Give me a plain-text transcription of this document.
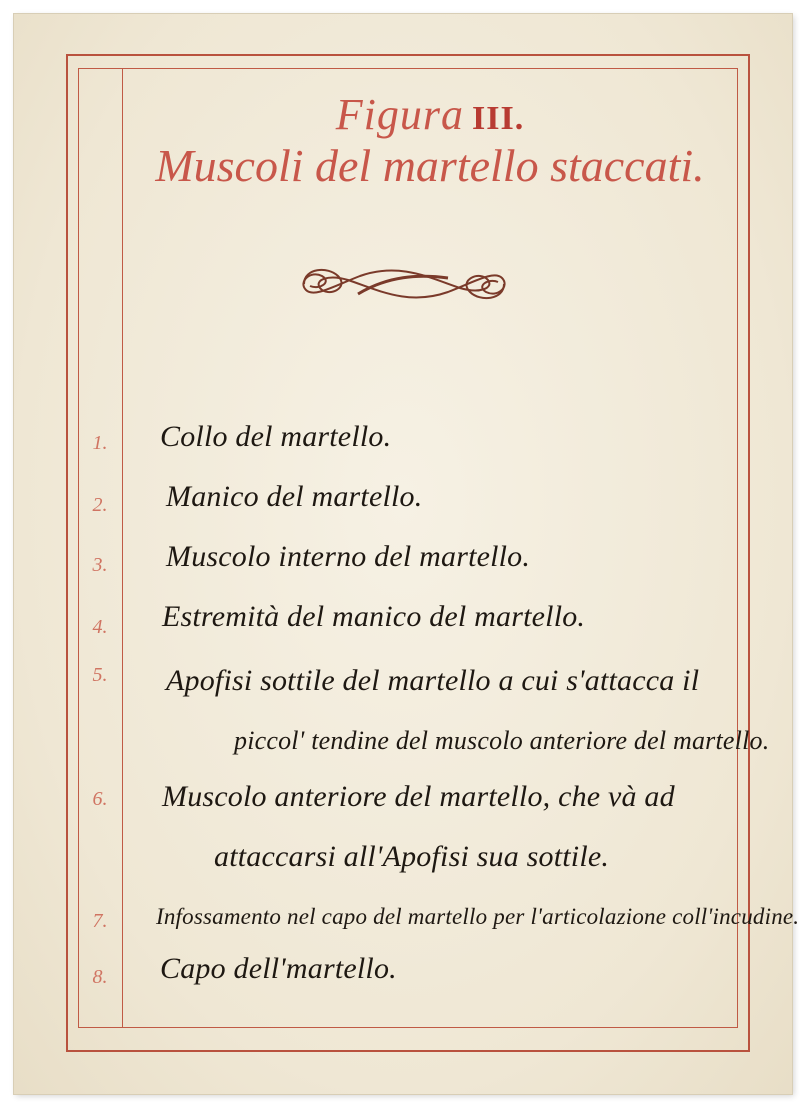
Figura III.
Muscoli del martello staccati.
1.	Collo del martello.
2.	Manico del martello.
3.	Muscolo interno del martello.
4.	Estremità del manico del martello.
5.	Apofisi sottile del martello a cui s'attacca il
piccol' tendine del muscolo anteriore del martello.
6.	Muscolo anteriore del martello, che và ad
attaccarsi all'Apofisi sua sottile.
7.	Infossamento nel capo del martello per l'articolazione coll'incudine.
8.	Capo dell'martello.
